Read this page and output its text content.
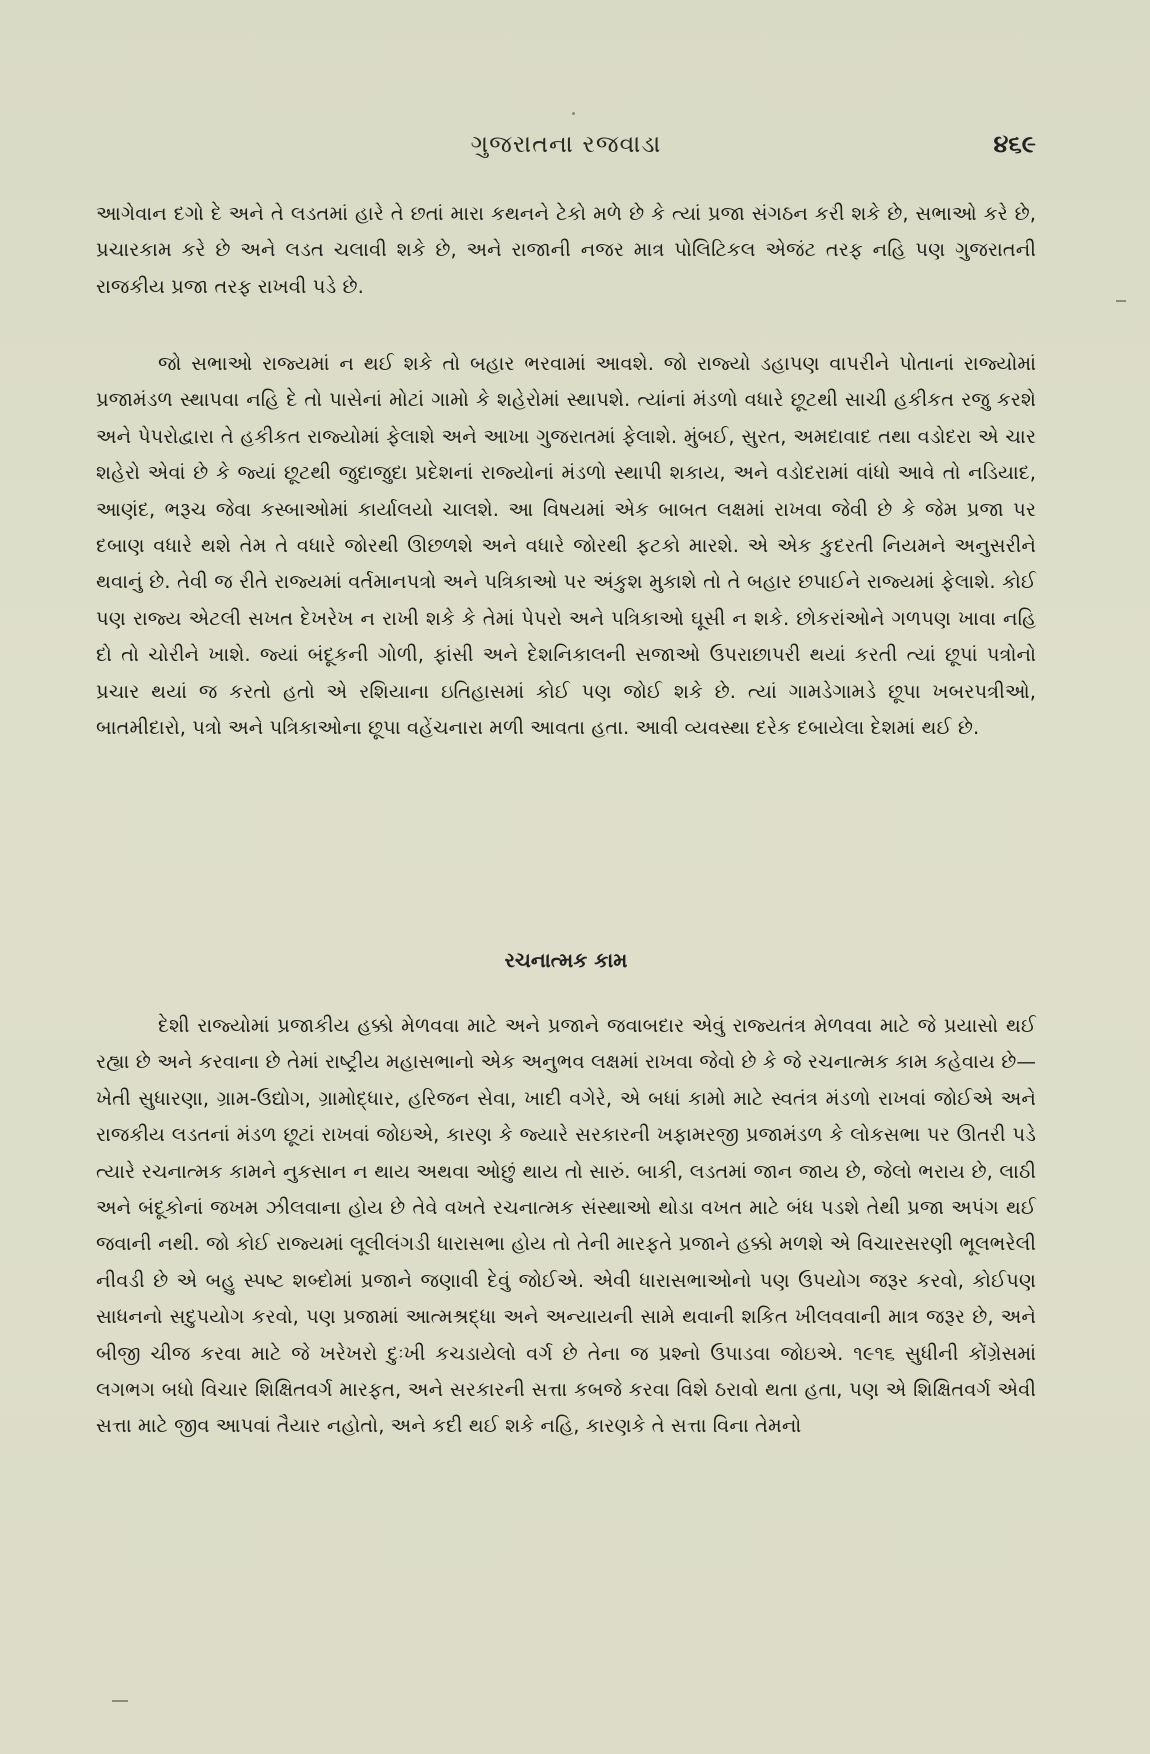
ગુજરાતના રજવાડા	૪૬૯

આગેવાન દગો દે અને તે લડતમાં હારે તે છતાં મારા કથનને ટેકો મળે છે કે ત્યાં પ્રજા સંગઠન કરી શકે છે, સભાઓ કરે છે, પ્રચારકામ કરે છે અને લડત ચલાવી શકે છે, અને રાજાની નજર માત્ર પોલિટિકલ એજંટ તરફ નહિ પણ ગુજરાતની રાજકીય પ્રજા તરફ રાખવી પડે છે.

જો સભાઓ રાજ્યમાં ન થઈ શકે તો બહાર ભરવામાં આવશે. જો રાજ્યો ડહાપણ વાપરીને પોતાનાં રાજ્યોમાં પ્રજામંડળ સ્થાપવા નહિ દે તો પાસેનાં મોટાં ગામો કે શહેરોમાં સ્થાપશે. ત્યાંનાં મંડળો વધારે છૂટથી સાચી હકીકત રજુ કરશે અને પેપરોદ્વારા તે હકીકત રાજ્યોમાં ફેલાશે અને આખા ગુજરાતમાં ફેલાશે. મુંબઈ, સુરત, અમદાવાદ તથા વડોદરા એ ચાર શહેરો એવાં છે કે જ્યાં છૂટથી જુદાજુદા પ્રદેશનાં રાજ્યોનાં મંડળો સ્થાપી શકાય, અને વડોદરામાં વાંધો આવે તો નડિયાદ, આણંદ, ભરૂચ જેવા કસ્બાઓમાં કાર્યાલયો ચાલશે. આ વિષયમાં એક બાબત લક્ષમાં રાખવા જેવી છે કે જેમ પ્રજા પર દબાણ વધારે થશે તેમ તે વધારે જોરથી ઊછળશે અને વધારે જોરથી ફટકો મારશે. એ એક કુદરતી નિયમને અનુસરીને થવાનું છે. તેવી જ રીતે રાજ્યમાં વર્તમાનપત્રો અને પત્રિકાઓ પર અંકુશ મુકાશે તો તે બહાર છપાઈને રાજ્યમાં ફેલાશે. કોઈ પણ રાજ્ય એટલી સખત દેખરેખ ન રાખી શકે કે તેમાં પેપરો અને પત્રિકાઓ ઘૂસી ન શકે. છોકરાંઓને ગળપણ ખાવા નહિ દો તો ચોરીને ખાશે. જ્યાં બંદૂકની ગોળી, ફાંસી અને દેશનિકાલની સજાઓ ઉપરાછાપરી થયાં કરતી ત્યાં છૂપાં પત્રોનો પ્રચાર થયાં જ કરતો હતો એ રશિયાના ઇતિહાસમાં કોઈ પણ જોઈ શકે છે. ત્યાં ગામડેગામડે છૂપા ખબરપત્રીઓ, બાતમીદારો, પત્રો અને પત્રિકાઓના છૂપા વહેંચનારા મળી આવતા હતા. આવી વ્યવસ્થા દરેક દબાયેલા દેશમાં થઈ છે.

રચનાત્મક કામ

દેશી રાજ્યોમાં પ્રજાકીય હક્કો મેળવવા માટે અને પ્રજાને જવાબદાર એવું રાજ્યતંત્ર મેળવવા માટે જે પ્રયાસો થઈ રહ્યા છે અને કરવાના છે તેમાં રાષ્ટ્રીય મહાસભાનો એક અનુભવ લક્ષમાં રાખવા જેવો છે કે જે રચનાત્મક કામ કહેવાય છે—ખેતી સુધારણા, ગ્રામ-ઉદ્યોગ, ગ્રામોદ્ધાર, હરિજન સેવા, ખાદી વગેરે, એ બધાં કામો માટે સ્વતંત્ર મંડળો રાખવાં જોઈએ અને રાજકીય લડતનાં મંડળ છૂટાં રાખવાં જોઇએ, કારણ કે જ્યારે સરકારની ખફામરજી પ્રજામંડળ કે લોકસભા પર ઊતરી પડે ત્યારે રચનાત્મક કામને નુકસાન ન થાય અથવા ઓછું થાય તો સારું. બાકી, લડતમાં જાન જાય છે, જેલો ભરાય છે, લાઠી અને બંદૂકોનાં જખમ ઝીલવાના હોય છે તેવે વખતે રચનાત્મક સંસ્થાઓ થોડા વખત માટે બંધ પડશે તેથી પ્રજા અપંગ થઈ જવાની નથી. જો કોઈ રાજ્યમાં લૂલીલંગડી ધારાસભા હોય તો તેની મારફતે પ્રજાને હક્કો મળશે એ વિચારસરણી ભૂલભરેલી નીવડી છે એ બહુ સ્પષ્ટ શબ્દોમાં પ્રજાને જણાવી દેવું જોઈએ. એવી ધારાસભાઓનો પણ ઉપયોગ જરૂર કરવો, કોઈપણ સાધનનો સદુપયોગ કરવો, પણ પ્રજામાં આત્મશ્રદ્ધા અને અન્યાયની સામે થવાની શકિત ખીલવવાની માત્ર જરૂર છે, અને બીજી ચીજ કરવા માટે જે ખરેખરો દુઃખી કચડાયેલો વર્ગ છે તેના જ પ્રશ્નો ઉપાડવા જોઇએ. ૧૯૧૬ સુધીની કોંગ્રેસમાં લગભગ બધો વિચાર શિક્ષિતવર્ગ મારફત, અને સરકારની સત્તા કબજે કરવા વિશે ઠરાવો થતા હતા, પણ એ શિક્ષિતવર્ગ એવી સત્તા માટે જીવ આપવાં તૈયાર નહોતો, અને કદી થઈ શકે નહિ, કારણકે તે સત્તા વિના તેમનો
